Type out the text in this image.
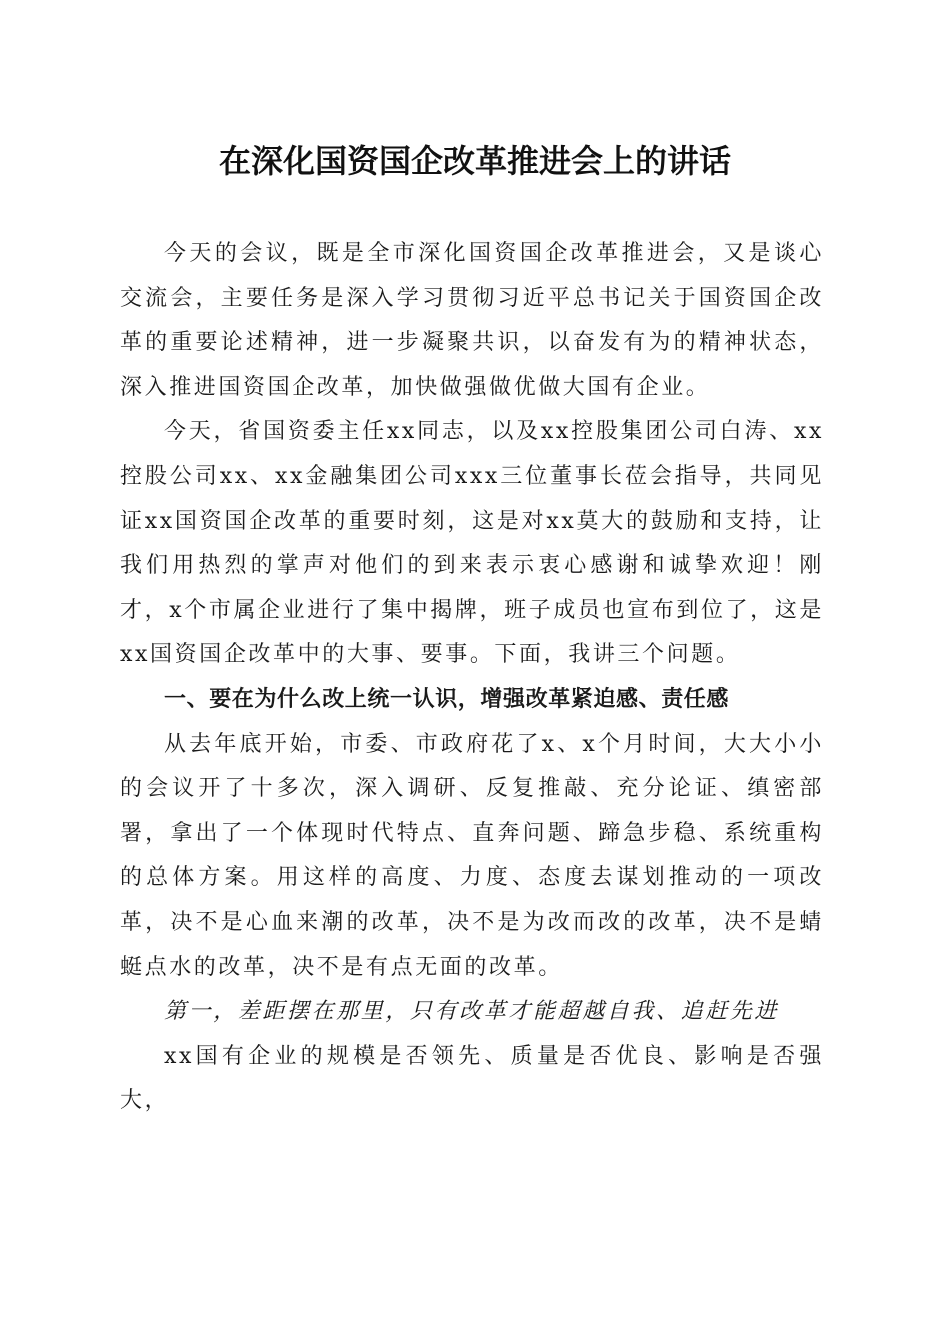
在深化国资国企改革推进会上的讲话

今天的会议，既是全市深化国资国企改革推进会，又是谈心交流会，主要任务是深入学习贯彻习近平总书记关于国资国企改革的重要论述精神，进一步凝聚共识，以奋发有为的精神状态，深入推进国资国企改革，加快做强做优做大国有企业。

今天，省国资委主任xx同志，以及xx控股集团公司白涛、xx控股公司xx、xx金融集团公司xxx三位董事长莅会指导，共同见证xx国资国企改革的重要时刻，这是对xx莫大的鼓励和支持，让我们用热烈的掌声对他们的到来表示衷心感谢和诚挚欢迎！刚才，x个市属企业进行了集中揭牌，班子成员也宣布到位了，这是xx国资国企改革中的大事、要事。下面，我讲三个问题。

一、要在为什么改上统一认识，增强改革紧迫感、责任感

从去年底开始，市委、市政府花了x、x个月时间，大大小小的会议开了十多次，深入调研、反复推敲、充分论证、缜密部署，拿出了一个体现时代特点、直奔问题、蹄急步稳、系统重构的总体方案。用这样的高度、力度、态度去谋划推动的一项改革，决不是心血来潮的改革，决不是为改而改的改革，决不是蜻蜓点水的改革，决不是有点无面的改革。

第一，差距摆在那里，只有改革才能超越自我、追赶先进

xx国有企业的规模是否领先、质量是否优良、影响是否强大，
